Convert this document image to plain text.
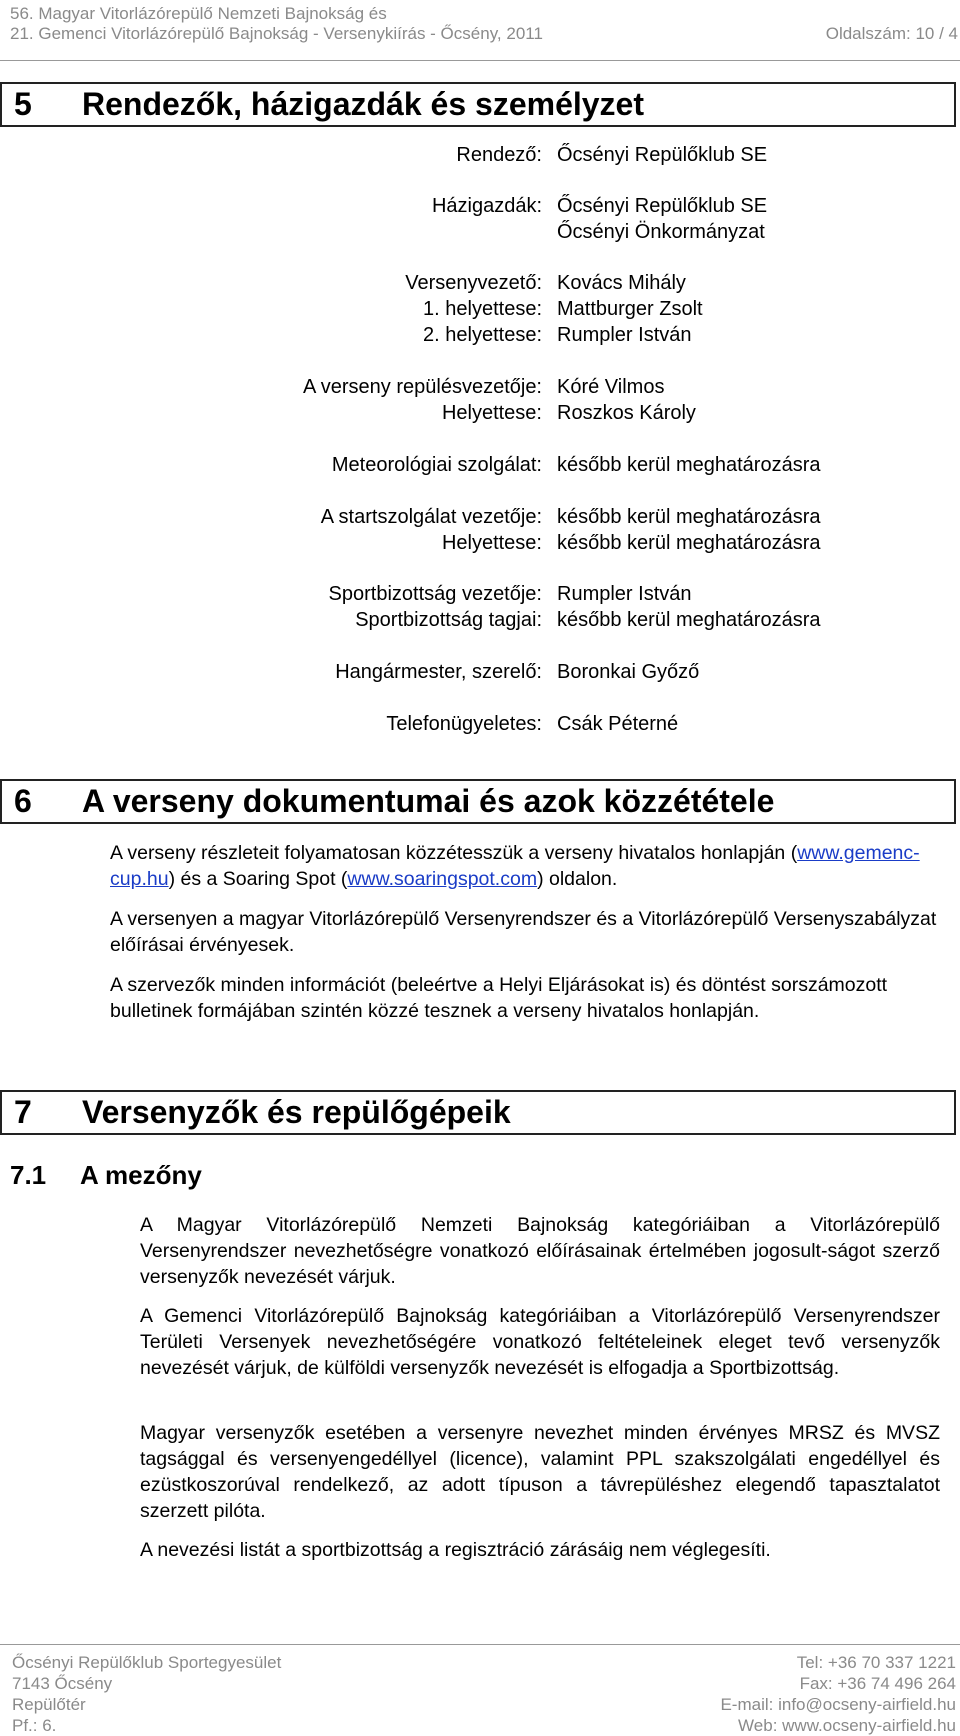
56. Magyar Vitorlázórepülő Nemzeti Bajnokság és
21. Gemenci Vitorlázórepülő Bajnokság - Versenykiírás - Őcsény, 2011	Oldalszám: 10 / 4
5 Rendezők, házigazdák és személyzet
Rendező: Őcsényi Repülőklub SE
Házigazdák: Őcsényi Repülőklub SE
Őcsényi Önkormányzat
Versenyvezető: Kovács Mihály
1. helyettese: Mattburger Zsolt
2. helyettese: Rumpler István
A verseny repülésvezetője: Kóré Vilmos
Helyettese: Roszkos Károly
Meteorológiai szolgálat: később kerül meghatározásra
A startszolgálat vezetője: később kerül meghatározásra
Helyettese: később kerül meghatározásra
Sportbizottság vezetője: Rumpler István
Sportbizottság tagjai: később kerül meghatározásra
Hangármester, szerelő: Boronkai Győző
Telefonügyeletes: Csák Péterné
6 A verseny dokumentumai és azok közzététele

A verseny részleteit folyamatosan közzétesszük a verseny hivatalos honlapján (www.gemenc-cup.hu) és a Soaring Spot (www.soaringspot.com) oldalon.

A versenyen a magyar Vitorlázórepülő Versenyrendszer és a Vitorlázórepülő Versenyszabályzat előírásai érvényesek.

A szervezők minden információt (beleértve a Helyi Eljárásokat is) és döntést sorszámozott bulletinek formájában szintén közzé tesznek a verseny hivatalos honlapján.

7 Versenyzők és repülőgépeik
7.1 A mezőny

A Magyar Vitorlázórepülő Nemzeti Bajnokság kategóriáiban a Vitorlázórepülő Versenyrendszer nevezhetőségre vonatkozó előírásainak értelmében jogosult-ságot szerző versenyzők nevezését várjuk.

A Gemenci Vitorlázórepülő Bajnokság kategóriáiban a Vitorlázórepülő Versenyrendszer Területi Versenyek nevezhetőségére vonatkozó feltételeinek eleget tevő versenyzők nevezését várjuk, de külföldi versenyzők nevezését is elfogadja a Sportbizottság.

Magyar versenyzők esetében a versenyre nevezhet minden érvényes MRSZ és MVSZ tagsággal és versenyengedéllyel (licence), valamint PPL szakszolgálati engedéllyel és ezüstkoszorúval rendelkező, az adott típuson a távrepüléshez elegendő tapasztalatot szerzett pilóta.

A nevezési listát a sportbizottság a regisztráció zárásáig nem véglegesíti.

Őcsényi Repülőklub Sportegyesület
7143 Őcsény
Repülőtér
Pf.: 6.
Tel: +36 70 337 1221
Fax: +36 74 496 264
E-mail: info@ocseny-airfield.hu
Web: www.ocseny-airfield.hu
